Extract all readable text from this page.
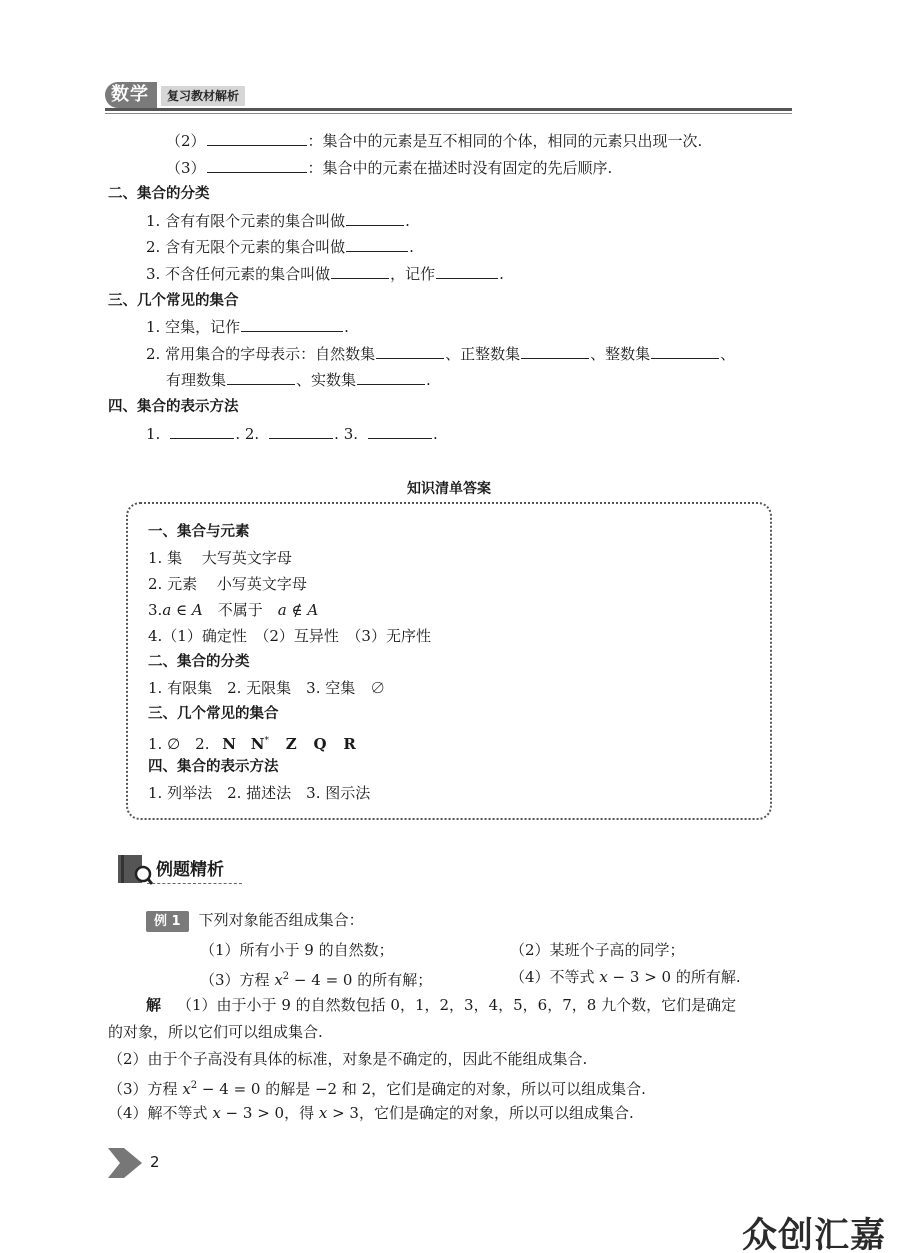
数学	复习教材解析
（2）	：集合中的元素是互不相同的个体，相同的元素只出现一次.
（3）	：集合中的元素在描述时没有固定的先后顺序.
二、集合的分类
1. 含有有限个元素的集合叫做	.
2. 含有无限个元素的集合叫做	.
3. 不含任何元素的集合叫做	，记作	.
三、几个常见的集合
1. 空集，记作	.
2. 常用集合的字母表示：自然数集	、正整数集	、整数集	、
有理数集	、实数集	.
四、集合的表示方法
1.	. 2.	. 3.	.
知识清单答案
一、集合与元素
1. 集　 大写英文字母
2. 元素　 小写英文字母
3.a ∈ A　不属于　a ∉ A
4.（1）确定性　（2）互异性　（3）无序性
二、集合的分类
1. 有限集　2. 无限集　3. 空集　∅
三、几个常见的集合
1. ∅　2. N N* Z Q R
四、集合的表示方法
1. 列举法　2. 描述法　3. 图示法
例题精析
例 1 下列对象能否组成集合：
（1）所有小于 9 的自然数；	（2）某班个子高的同学；
（3）方程 $x^2 - 4 = 0$ 的所有解；	（4）不等式 x − 3 > 0 的所有解.
解 （1）由于小于 9 的自然数包括 0，1，2，3，4，5，6，7，8 九个数，它们是确定
的对象，所以它们可以组成集合.
（2）由于个子高没有具体的标准，对象是不确定的，因此不能组成集合.
（3）方程 $x^2 - 4 = 0$ 的解是 −2 和 2，它们是确定的对象，所以可以组成集合.
（4）解不等式 x − 3 > 0，得 x > 3，它们是确定的对象，所以可以组成集合.
2
众创汇嘉
